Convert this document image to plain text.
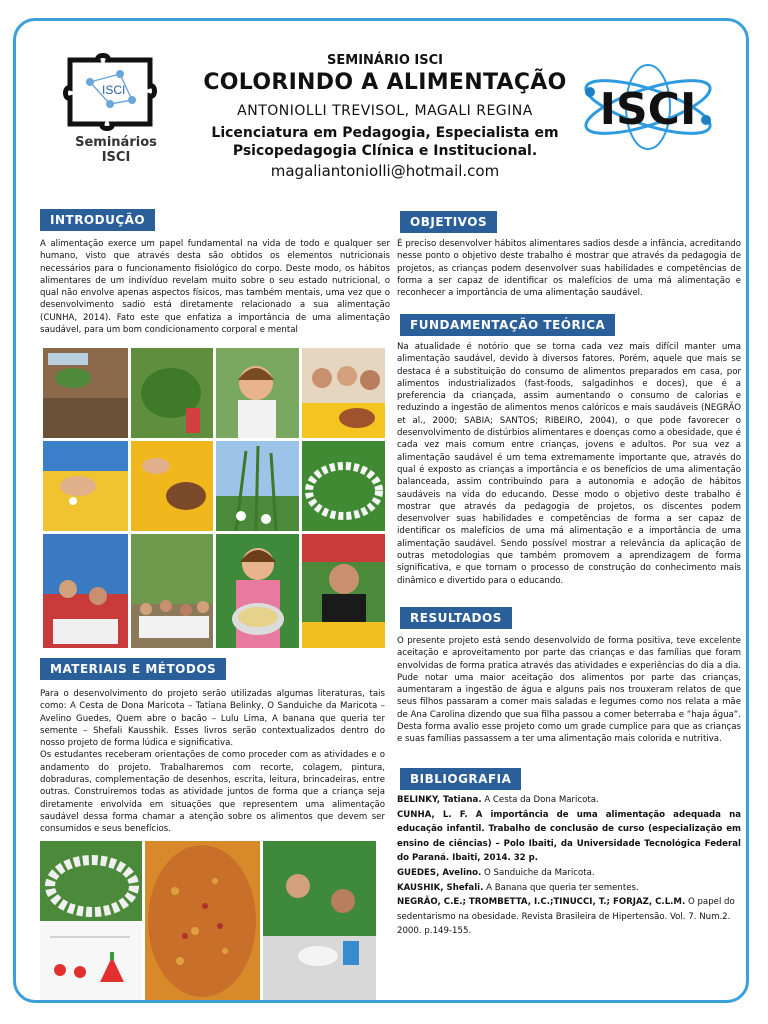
ISCI
Seminários ISCI
ISCI
SEMINÁRIO ISCI
COLORINDO A ALIMENTAÇÃO
ANTONIOLLI TREVISOL, MAGALI REGINA
Licenciatura em Pedagogia, Especialista em Psicopedagogia Clínica e Institucional.
magaliantoniolli@hotmail.com
INTRODUÇÃO

A alimentação exerce um papel fundamental na vida de todo e qualquer ser humano, visto que através desta são obtidos os elementos nutricionais necessários para o funcionamento fisiológico do corpo. Deste modo, os hábitos alimentares de um indivíduo revelam muito sobre o seu estado nutricional, o qual não envolve apenas aspectos físicos, mas também mentais, uma vez que o desenvolvimento sadio está diretamente relacionado a sua alimentação (CUNHA, 2014). Fato este que enfatiza a importância de uma alimentação saudável, para um bom condicionamento corporal e mental

MATERIAIS E MÉTODOS

Para o desenvolvimento do projeto serão utilizadas algumas literaturas, tais como: A Cesta de Dona Maricota – Tatiana Belinky, O Sanduiche da Maricota – Avelino Guedes, Quem abre o bacão – Lulu Lima, A banana que queria ter semente – Shefali Kausshik. Esses livros serão contextualizados dentro do nosso projeto de forma lúdica e significativa.

Os estudantes receberam orientações de como proceder com as atividades e o andamento do projeto. Trabalharemos com recorte, colagem, pintura, dobraduras, complementação de desenhos, escrita, leitura, brincadeiras, entre outras. Construiremos todas as atividade juntos de forma que a criança seja diretamente envolvida em situações que representem uma alimentação saudável dessa forma chamar a atenção sobre os alimentos que devem ser consumidos e seus benefícios.

OBJETIVOS

É preciso desenvolver hábitos alimentares sadios desde a infância, acreditando nesse ponto o objetivo deste trabalho é mostrar que através da pedagogia de projetos, as crianças podem desenvolver suas habilidades e competências de forma a ser capaz de identificar os malefícios de uma má alimentação e reconhecer a importância de uma alimentação saudável.

FUNDAMENTAÇÃO TEÓRICA

Na atualidade é notório que se torna cada vez mais difícil manter uma alimentação saudável, devido à diversos fatores. Porém, aquele que mais se destaca é a substituição do consumo de alimentos preparados em casa, por alimentos industrializados (fast-foods, salgadinhos e doces), que é a preferencia da criançada, assim aumentando o consumo de calorias e reduzindo a ingestão de alimentos menos calóricos e mais saudáveis (NEGRÃO et al., 2000; SABIA; SANTOS; RIBEIRO, 2004), o que pode favorecer o desenvolvimento de distúrbios alimentares e doenças como a obesidade, que é cada vez mais comum entre crianças, jovens e adultos. Por sua vez a alimentação saudável é um tema extremamente importante que, através do qual é exposto as crianças a importância e os benefícios de uma alimentação balanceada, assim contribuindo para a autonomia e adoção de hábitos saudáveis na vida do educando. Desse modo o objetivo deste trabalho é mostrar que através da pedagogia de projetos, os discentes podem desenvolver suas habilidades e competências de forma a ser capaz de identificar os malefícios de uma má alimentação e a importância de uma alimentação saudável. Sendo possível mostrar a relevância da aplicação de outras metodologias que também promovem a aprendizagem de forma significativa, e que tornam o processo de construção do conhecimento mais dinâmico e divertido para o educando.

RESULTADOS

O presente projeto está sendo desenvolvido de forma positiva, teve excelente aceitação e aproveitamento por parte das crianças e das famílias que foram envolvidas de forma pratica através das atividades e experiências do dia a dia. Pude notar uma maior aceitação dos alimentos por parte das crianças, aumentaram a ingestão de água e alguns pais nos trouxeram relatos de que seus filhos passaram a comer mais saladas e legumes como nos relata a mãe de Ana Carolina dizendo que sua filha passou a comer beterraba e “haja água”. Desta forma avalio esse projeto como um grade cumplice para que as crianças e suas famílias passassem a ter uma alimentação mais colorida e nutritiva.

BIBLIOGRAFIA

BELINKY, Tatiana. A Cesta da Dona Maricota.

CUNHA, L. F. A importância de uma alimentação adequada na educação infantil. Trabalho de conclusão de curso (especialização em ensino de ciências) – Polo Ibaiti, da Universidade Tecnológica Federal do Paraná. Ibaiti, 2014. 32 p.

GUEDES, Avelino. O Sanduiche da Maricota.

KAUSHIK, Shefali. A Banana que queria ter sementes.

NEGRÃO, C.E.; TROMBETTA, I.C.;TINUCCI, T.; FORJAZ, C.L.M. O papel do sedentarismo na obesidade. Revista Brasileira de Hipertensão. Vol. 7. Num.2. 2000. p.149-155.
